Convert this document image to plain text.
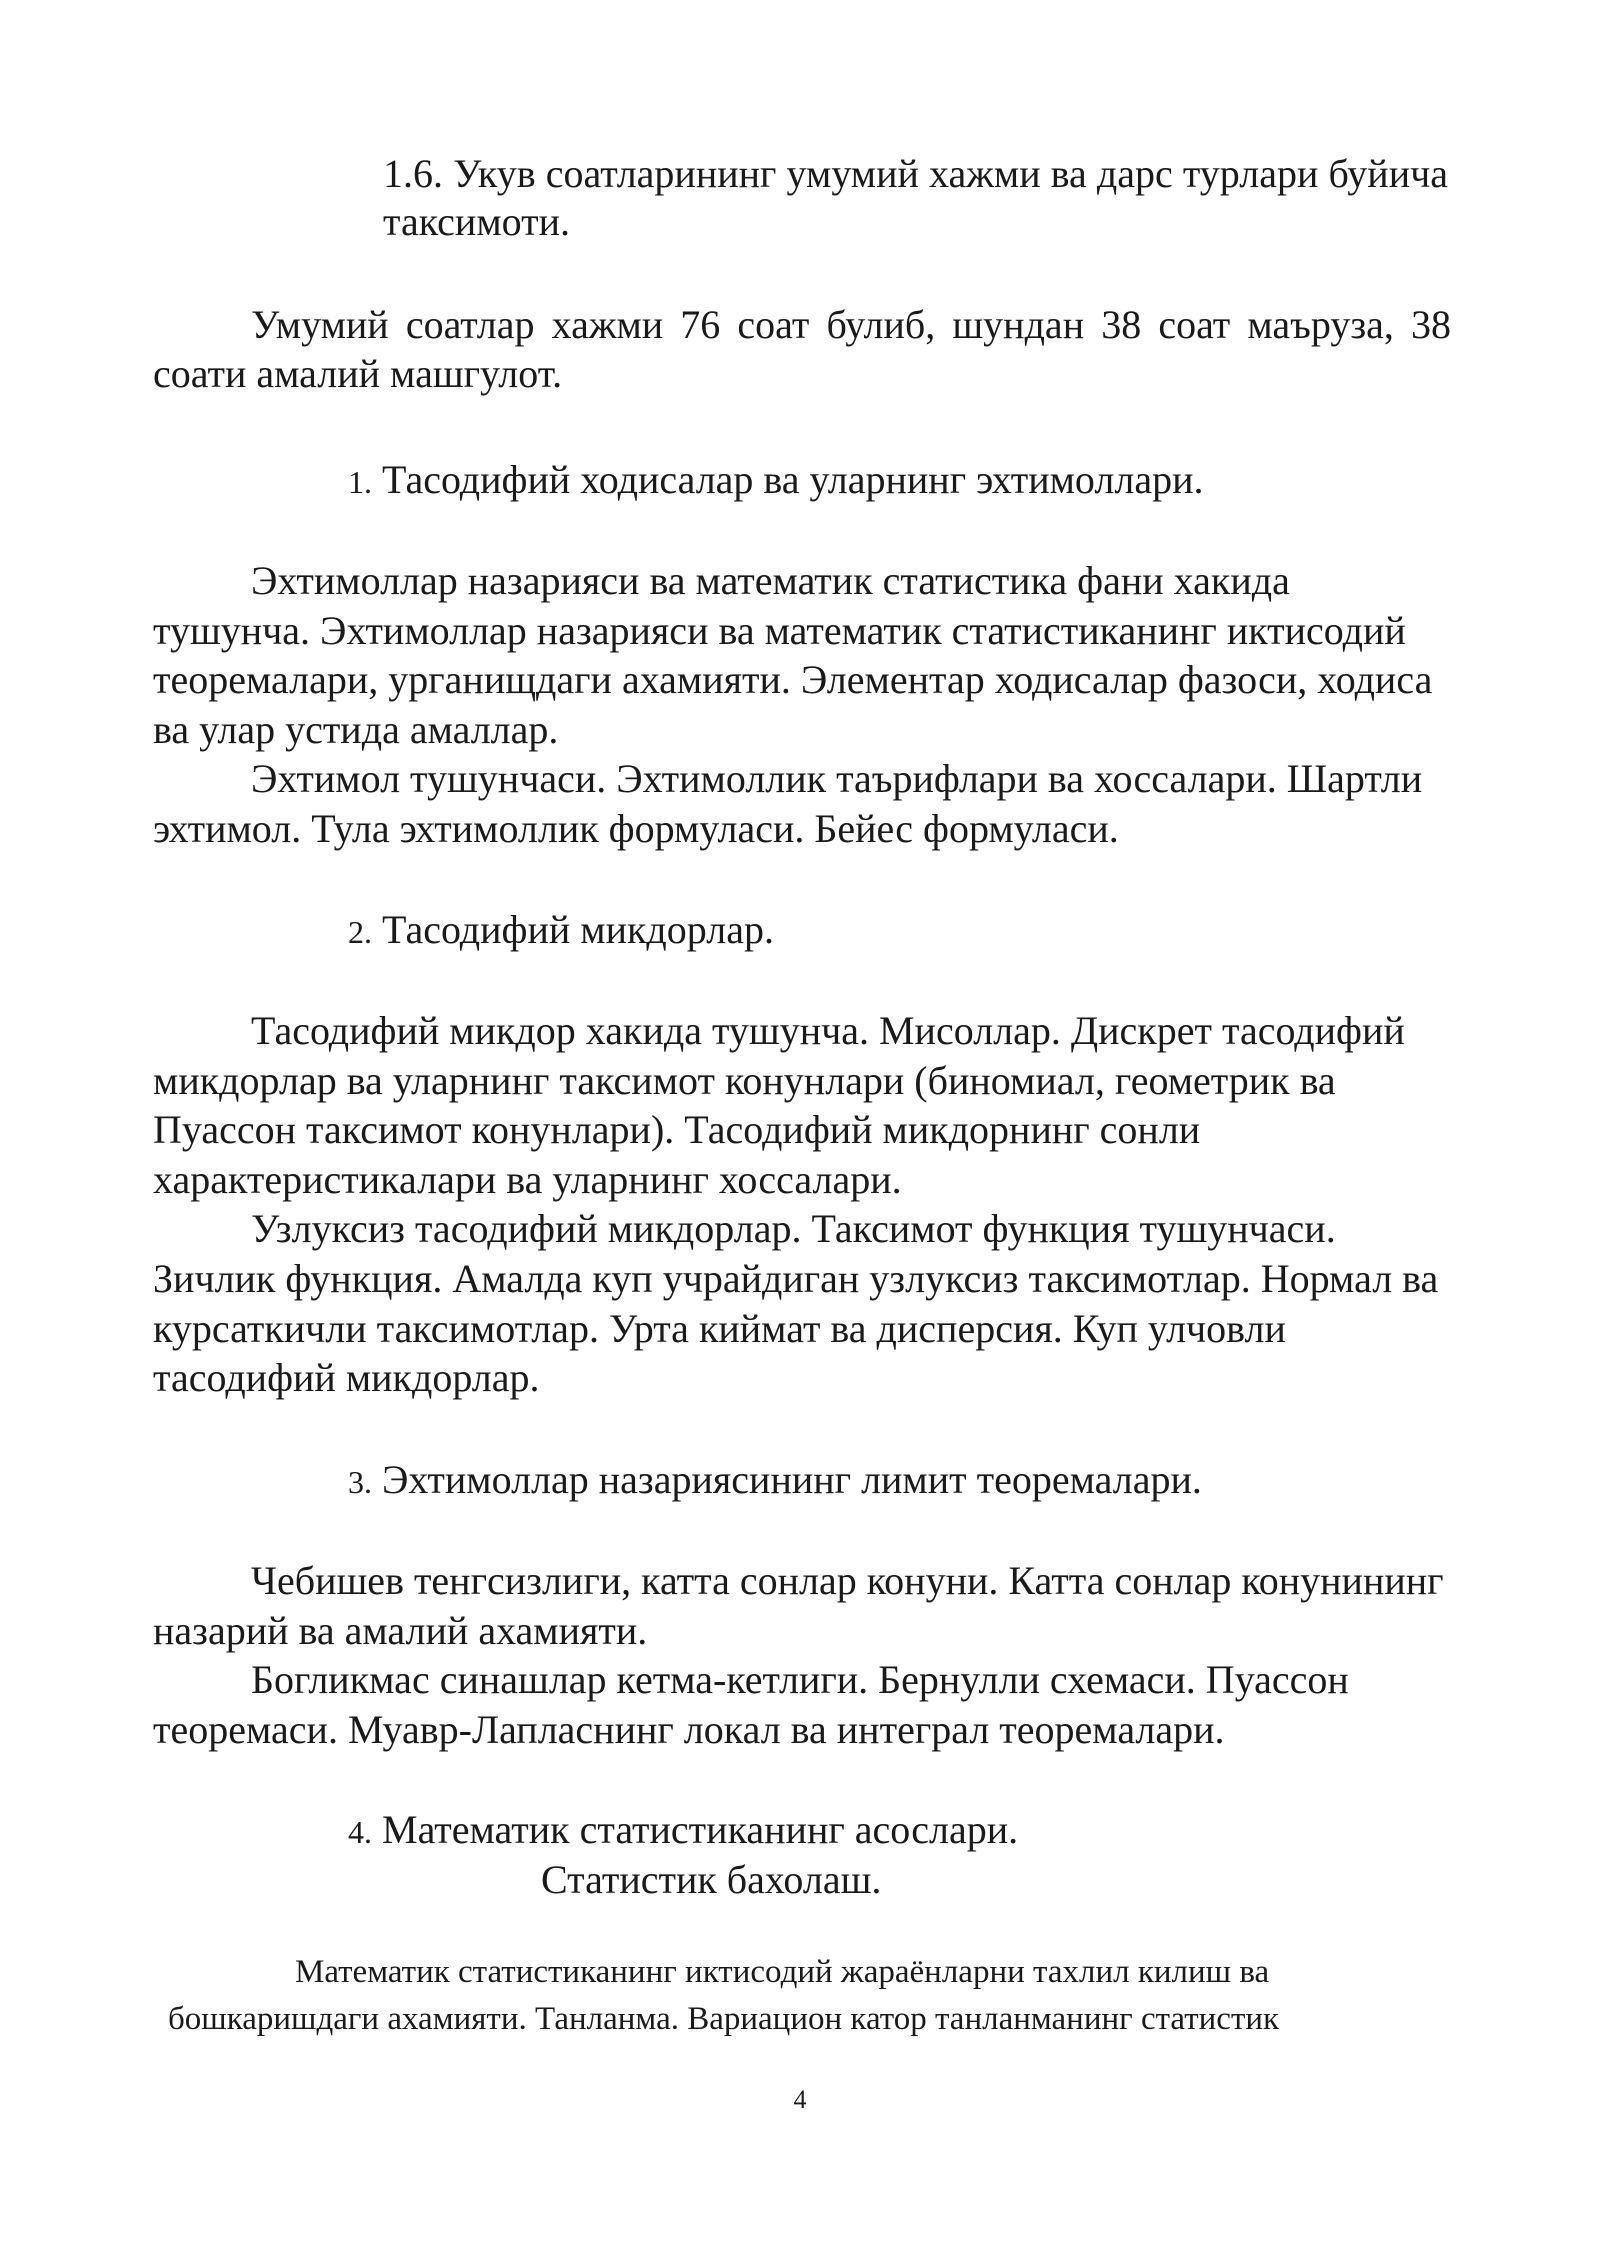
1.6. Укув соатларининг умумий хажми ва дарс турлари буйича таксимоти.

Умумий соатлар хажми 76 соат булиб, шундан 38 соат маъруза, 38 соати амалий машгулот.

1. Тасодифий ходисалар ва уларнинг эхтимоллари.

Эхтимоллар назарияси ва математик статистика фани хакида тушунча. Эхтимоллар назарияси ва математик статистиканинг иктисодий теоремалари, урганищдаги ахамияти. Элементар ходисалар фазоси, ходиса ва улар устида амаллар.

Эхтимол тушунчаси. Эхтимоллик таърифлари ва хоссалари. Шартли эхтимол. Тула эхтимоллик формуласи. Бейес формуласи.

2. Тасодифий микдорлар.

Тасодифий микдор хакида тушунча. Мисоллар. Дискрет тасодифий микдорлар ва уларнинг таксимот конунлари (биномиал, геометрик ва Пуассон таксимот конунлари). Тасодифий микдорнинг сонли характеристикалари ва уларнинг хоссалари.

Узлуксиз тасодифий микдорлар. Таксимот функция тушунчаси. Зичлик функция. Амалда куп учрайдиган узлуксиз таксимотлар. Нормал ва курсаткичли таксимотлар. Урта киймат ва дисперсия. Куп улчовли тасодифий микдорлар.

3. Эхтимоллар назариясининг лимит теоремалари.

Чебишев тенгсизлиги, катта сонлар конуни. Катта сонлар конунининг назарий ва амалий ахамияти.

Богликмас синашлар кетма-кетлиги. Бернулли схемаси. Пуассон теоремаси. Муавр-Лапласнинг локал ва интеграл теоремалари.

4. Математик статистиканинг асослари.
Статистик бахолаш.

Математик статистиканинг иктисодий жараёнларни тахлил килиш ва бошкаришдаги ахамияти. Танланма. Вариацион катор танланманинг статистик

4
